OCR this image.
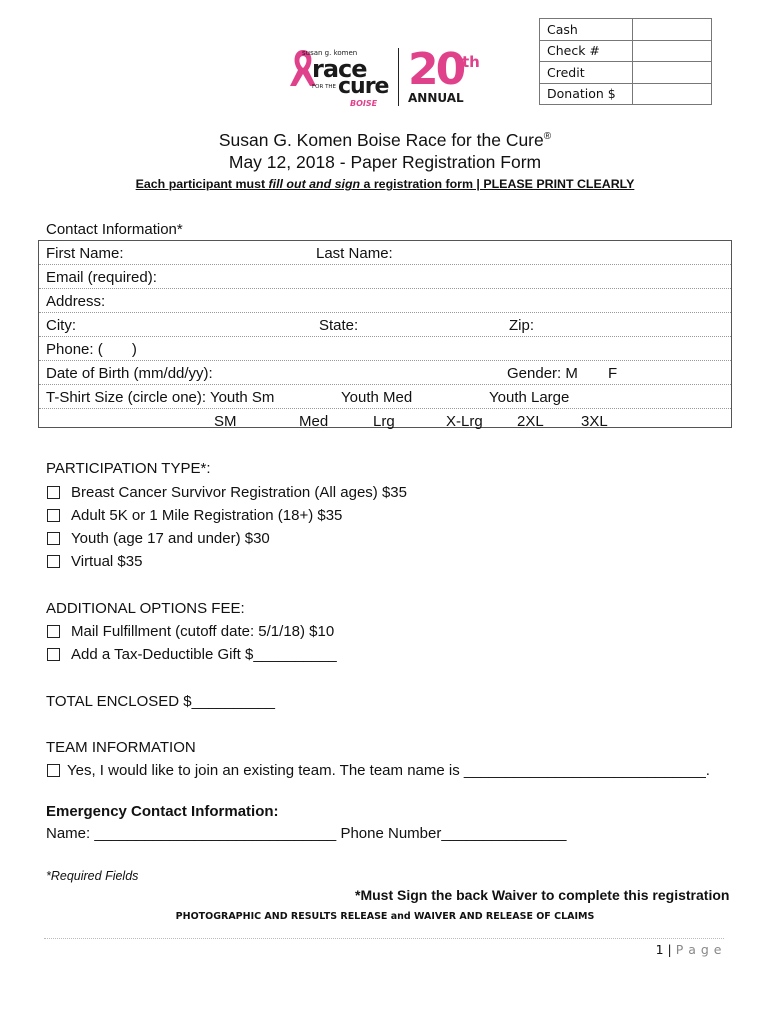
Cash	
Check #	
Credit	
Donation $	
susan g. komen
race
FOR THE cure
BOISE
20
th
ANNUAL
Susan G. Komen Boise Race for the Cure®
May 12, 2018 - Paper Registration Form
Each participant must fill out and sign a registration form | PLEASE PRINT CLEARLY
Contact Information*
First Name:	Last Name:
Email (required):
Address:
City:	State:	Zip:
Phone: (       )
Date of Birth (mm/dd/yy):	Gender: M F
T-Shirt Size (circle one): Youth Sm	Youth Med	Youth Large
SM	Med	Lrg	X-Lrg 2XL 3XL
PARTICIPATION TYPE*:
Breast Cancer Survivor Registration (All ages) $35
Adult 5K or 1 Mile Registration (18+) $35
Youth (age 17 and under) $30
Virtual $35
ADDITIONAL OPTIONS FEE:
Mail Fulfillment (cutoff date: 5/1/18) $10
Add a Tax-Deductible Gift $__________
TOTAL ENCLOSED $__________
TEAM INFORMATION
Yes, I would like to join an existing team. The team name is _____________________________.
Emergency Contact Information:
Name: _____________________________ Phone Number_______________
*Required Fields
*Must Sign the back Waiver to complete this registration
PHOTOGRAPHIC AND RESULTS RELEASE and WAIVER AND RELEASE OF CLAIMS
1 | P a g e
